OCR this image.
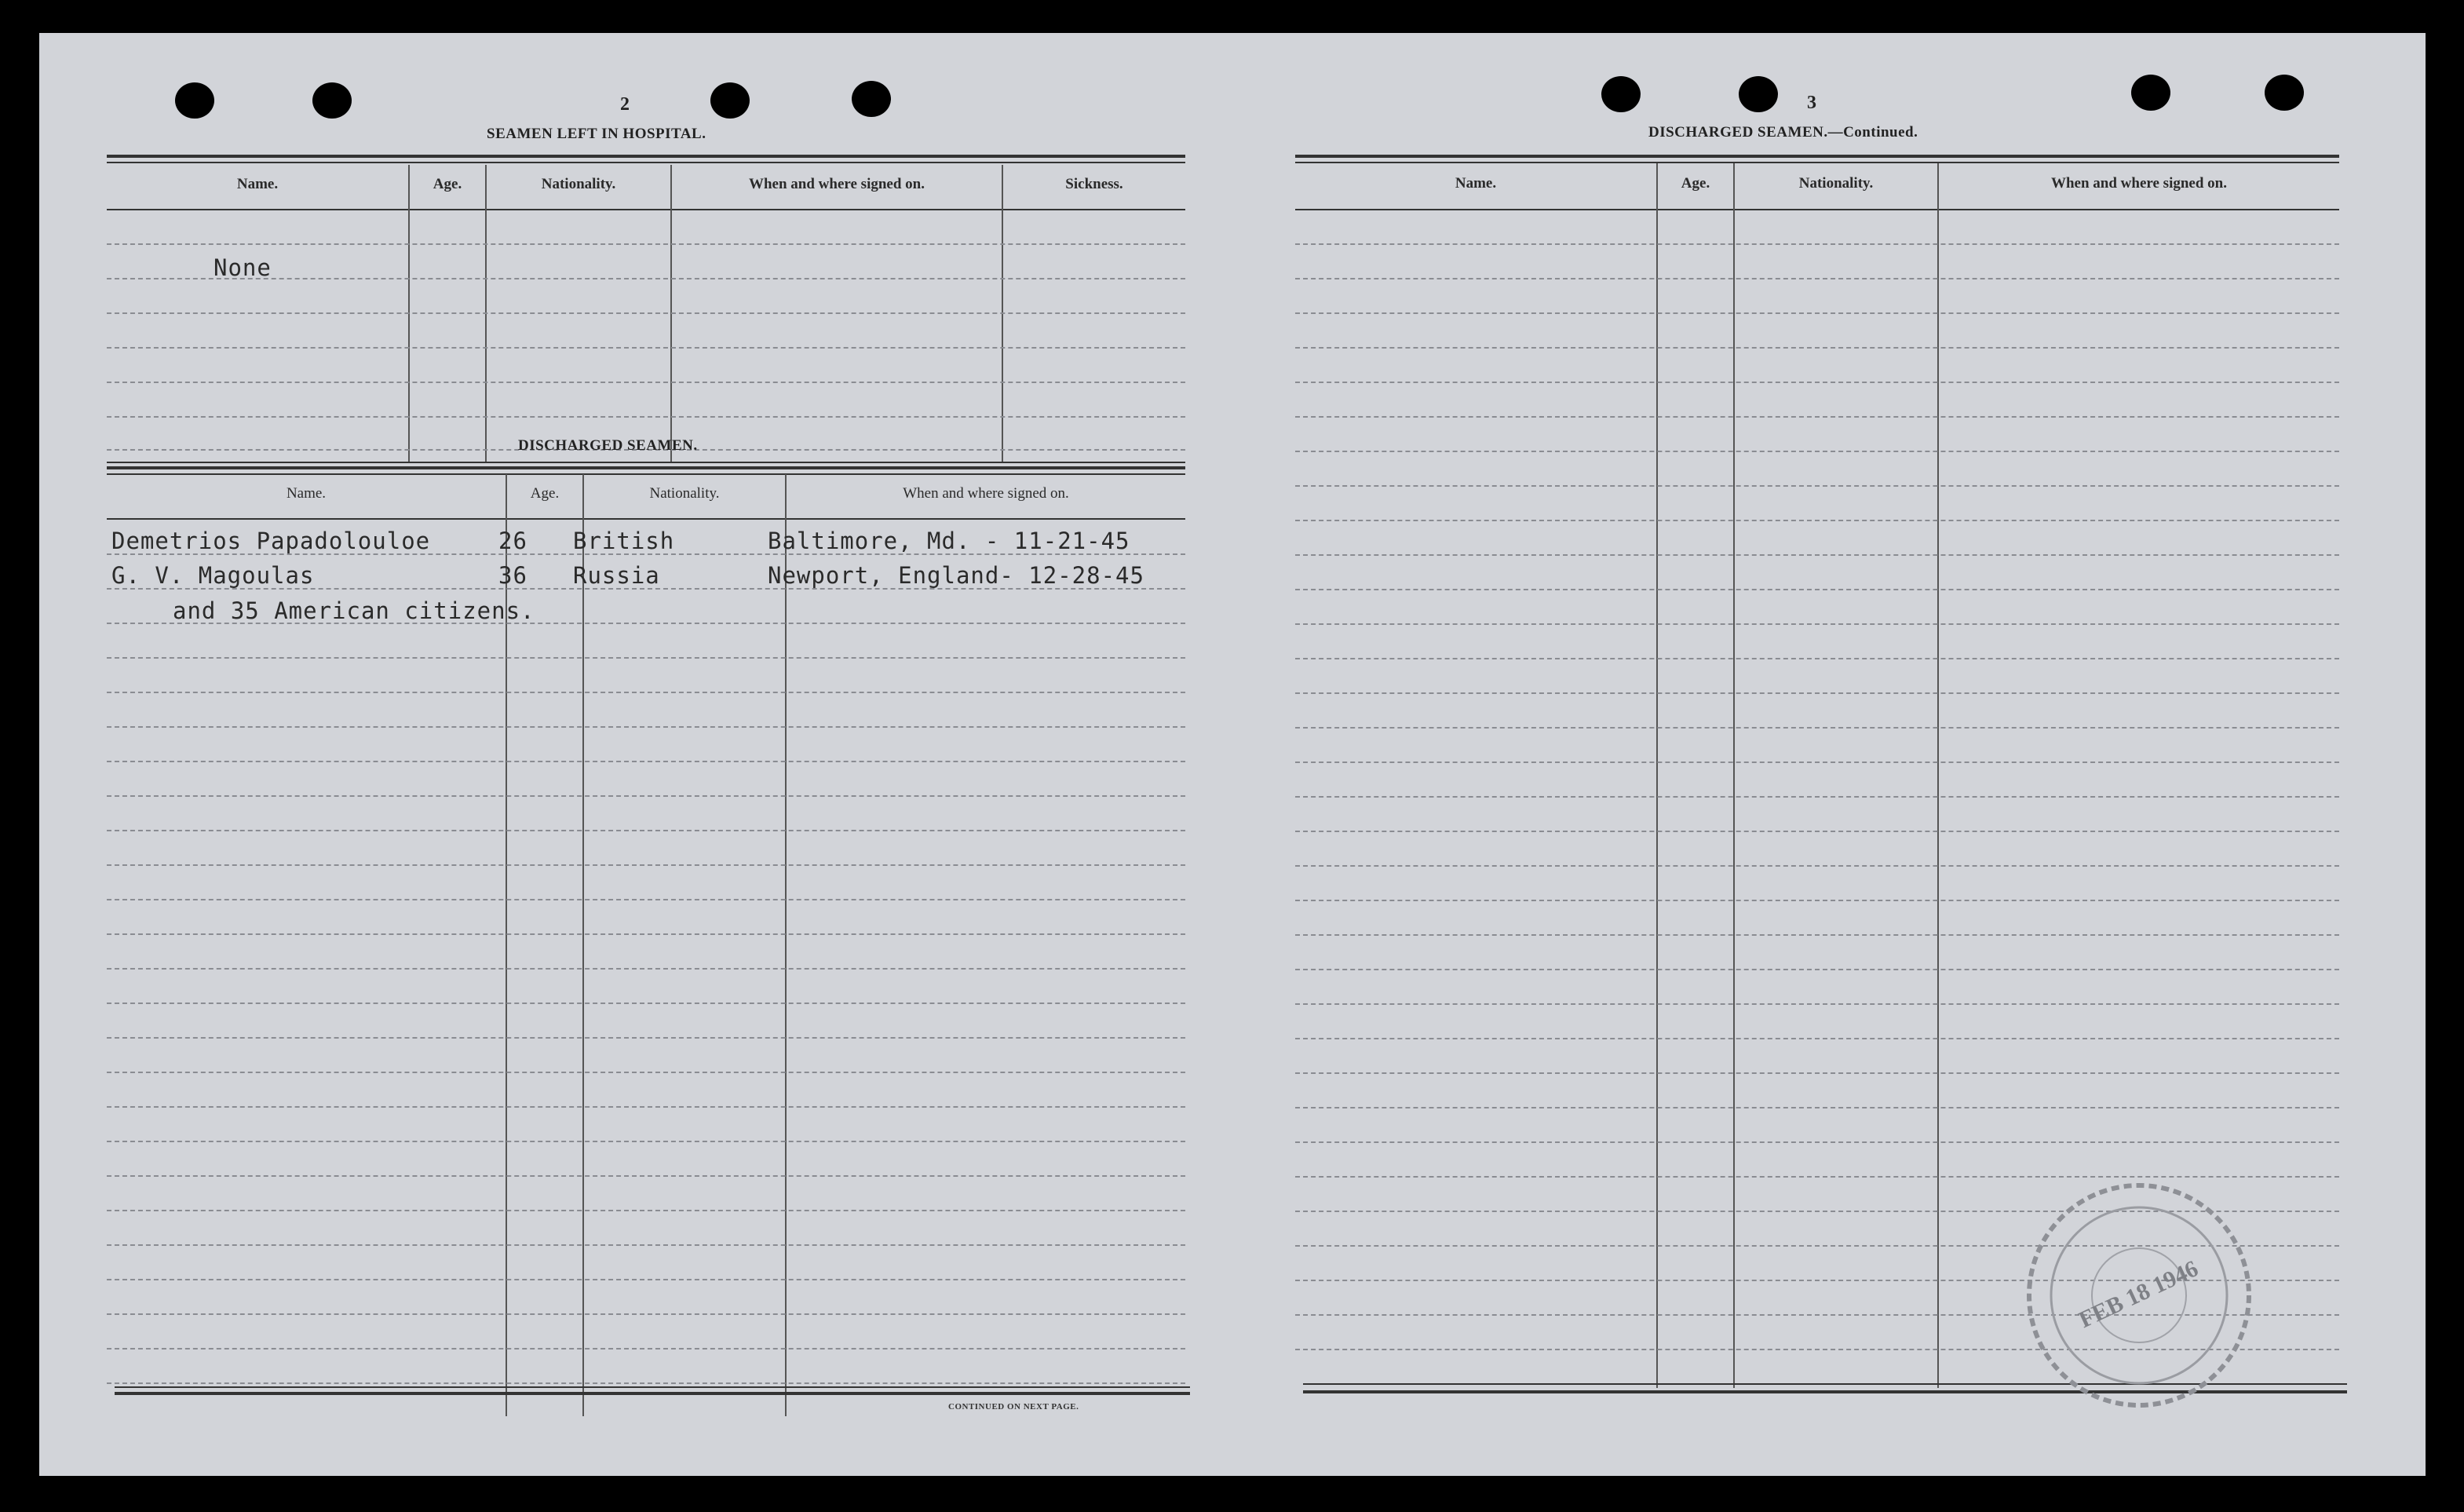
2
SEAMEN LEFT IN HOSPITAL.
Name.	Age.	Nationality.	When and where signed on.	Sickness.
None
DISCHARGED SEAMEN.
Name.	Age.	Nationality.	When and where signed on.
Demetrios Papadolouloe	26 British	Baltimore, Md. - 11-21-45
G. V. Magoulas	36 Russia	Newport, England- 12-28-45
and 35 American citizens.
CONTINUED ON NEXT PAGE.
3
DISCHARGED SEAMEN.—Continued.
Name.	Age.	Nationality.	When and where signed on.
FEB 18 1946
